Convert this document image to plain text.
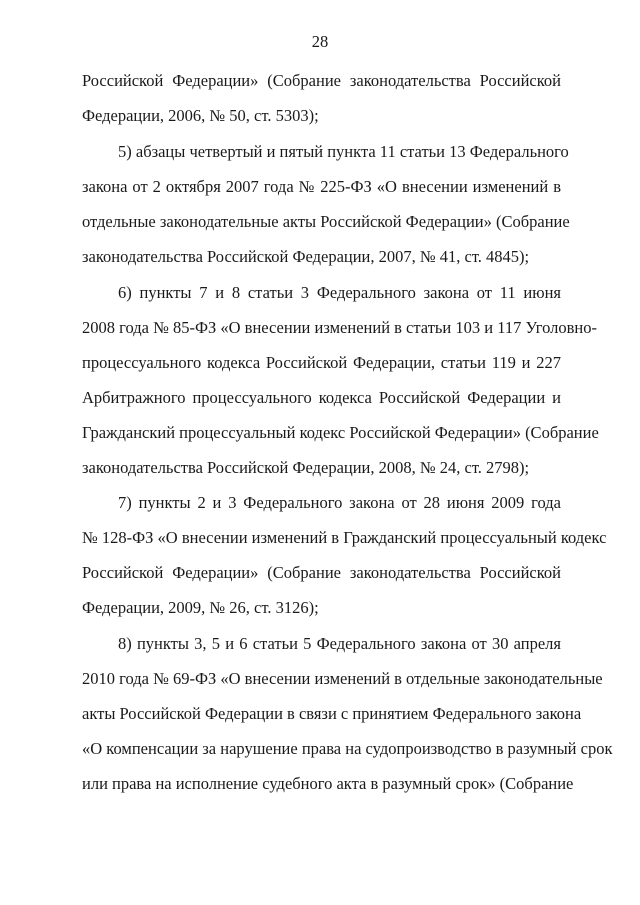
28
Российской Федерации» (Собрание законодательства Российской
Федерации, 2006, № 50, ст. 5303);
5) абзацы четвертый и пятый пункта 11 статьи 13 Федерального
закона от 2 октября 2007 года № 225-ФЗ «О внесении изменений в
отдельные законодательные акты Российской Федерации» (Собрание
законодательства Российской Федерации, 2007, № 41, ст. 4845);
6) пункты 7 и 8 статьи 3 Федерального закона от 11 июня
2008 года № 85-ФЗ «О внесении изменений в статьи 103 и 117 Уголовно-
процессуального кодекса Российской Федерации, статьи 119 и 227
Арбитражного процессуального кодекса Российской Федерации и
Гражданский процессуальный кодекс Российской Федерации» (Собрание
законодательства Российской Федерации, 2008, № 24, ст. 2798);
7) пункты 2 и 3 Федерального закона от 28 июня 2009 года
№ 128-ФЗ «О внесении изменений в Гражданский процессуальный кодекс
Российской Федерации» (Собрание законодательства Российской
Федерации, 2009, № 26, ст. 3126);
8) пункты 3, 5 и 6 статьи 5 Федерального закона от 30 апреля
2010 года № 69-ФЗ «О внесении изменений в отдельные законодательные
акты Российской Федерации в связи с принятием Федерального закона
«О компенсации за нарушение права на судопроизводство в разумный срок
или права на исполнение судебного акта в разумный срок» (Собрание
